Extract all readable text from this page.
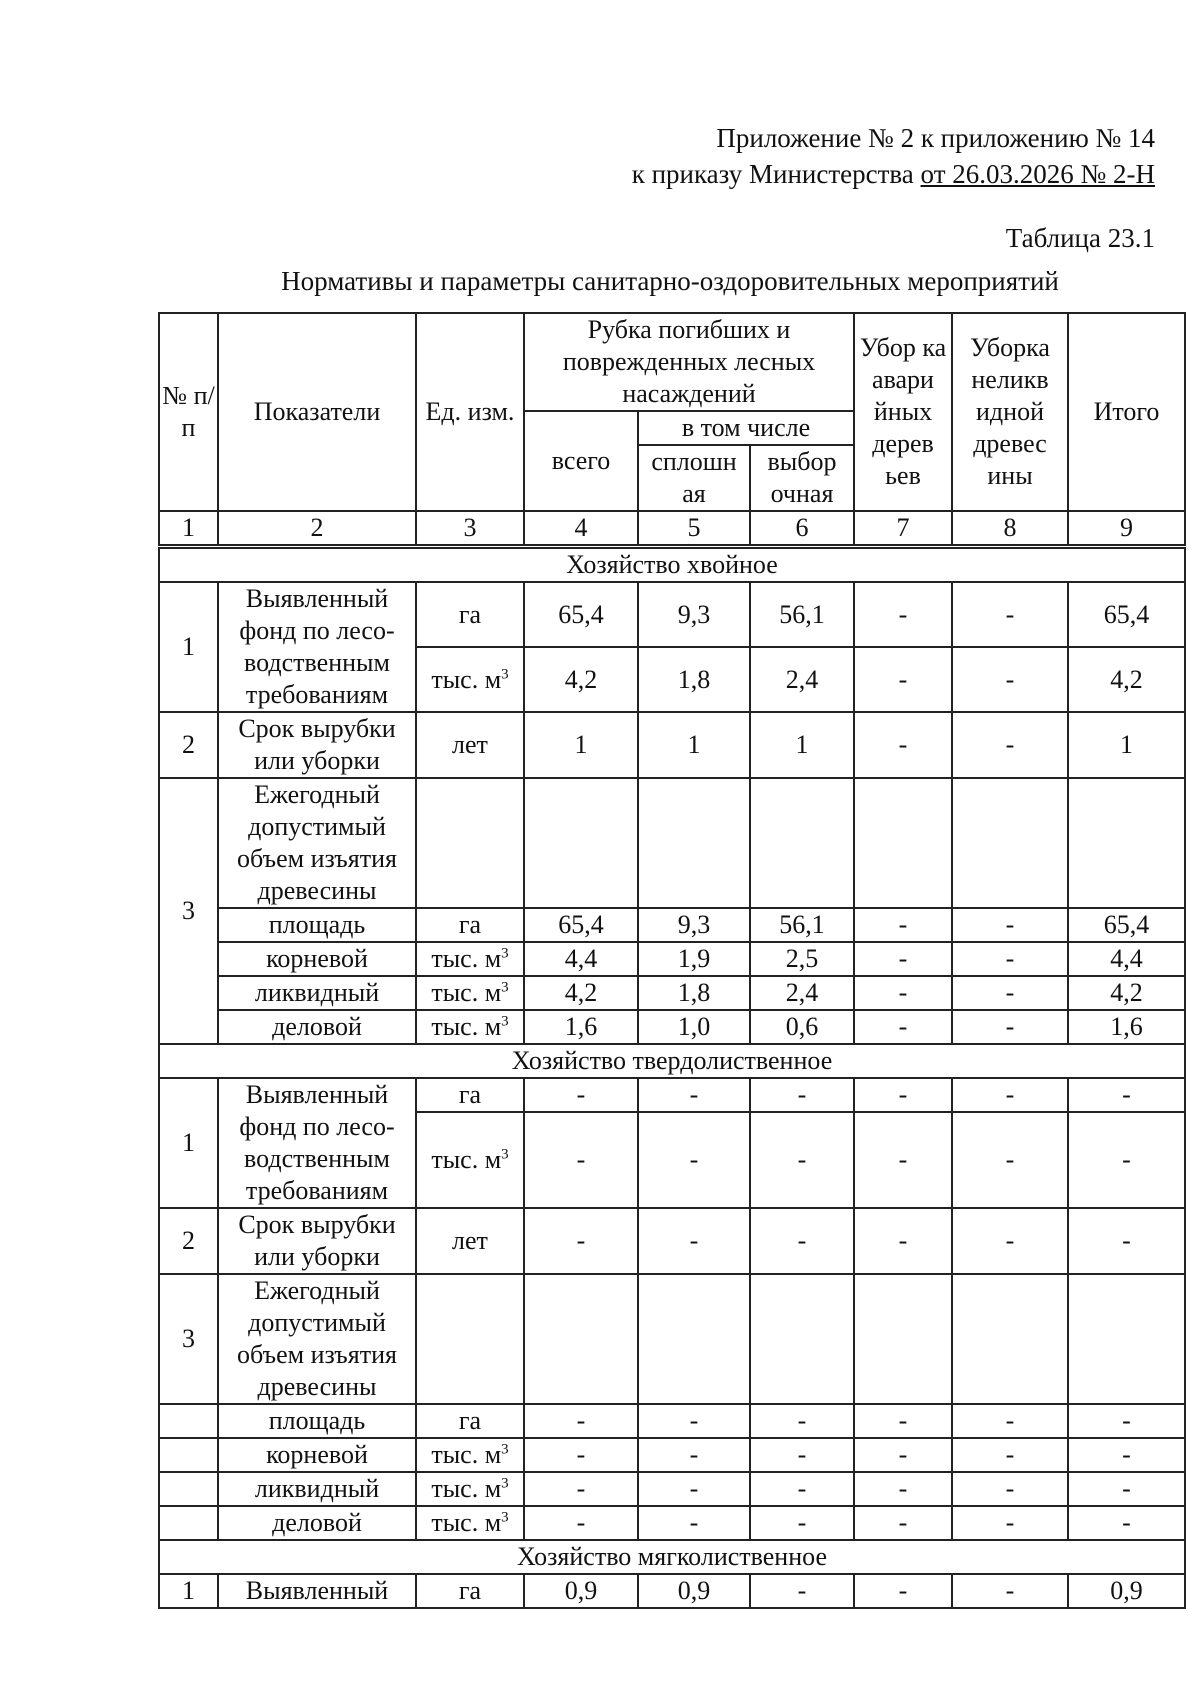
Приложение № 2 к приложению № 14
к приказу Министерства от 26.03.2026 № 2-Н
Таблица 23.1
Нормативы и параметры санитарно-оздоровительных мероприятий
№ п/ п	Показатели	Ед. изм.	Рубка погибших и поврежденных лесных насаждений			Убор ка авари йных дерев ьев	Уборка неликв идной древес ины	Итого
			всего	в том числе				
				сплошн ая	выбор очная			
1	2	3	4	5	6	7	8	9
Хозяйство хвойное								
1	Выявленный фонд по лесо-водственным требованиям	га	65,4	9,3	56,1	-	-	65,4
		тыс. $м^3$	4,2	1,8	2,4	-	-	4,2
2	Срок вырубки или уборки	лет	1	1	1	-	-	1
3	Ежегодный допустимый объем изъятия древесины							
	площадь	га	65,4	9,3	56,1	-	-	65,4
	корневой	тыс. $м^3$	4,4	1,9	2,5	-	-	4,4
	ликвидный	тыс. $м^3$	4,2	1,8	2,4	-	-	4,2
	деловой	тыс. $м^3$	1,6	1,0	0,6	-	-	1,6
Хозяйство твердолиственное								
1	Выявленный фонд по лесо-водственным требованиям	га	-	-	-	-	-	-
		тыс. $м^3$	-	-	-	-	-	-
2	Срок вырубки или уборки	лет	-	-	-	-	-	-
3	Ежегодный допустимый объем изъятия древесины							
	площадь	га	-	-	-	-	-	-
	корневой	тыс. $м^3$	-	-	-	-	-	-
	ликвидный	тыс. $м^3$	-	-	-	-	-	-
	деловой	тыс. $м^3$	-	-	-	-	-	-
Хозяйство мягколиственное								
1	Выявленный	га	0,9	0,9	-	-	-	0,9
